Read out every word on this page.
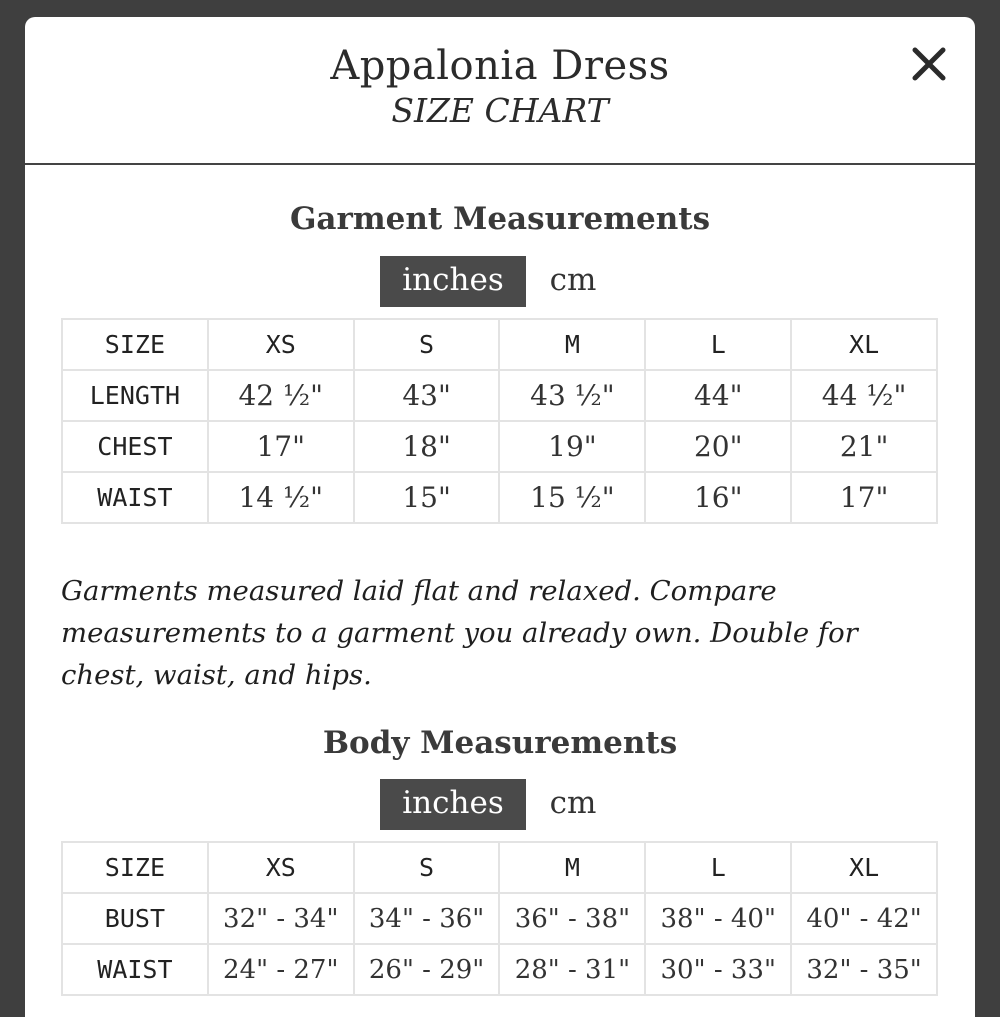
Appalonia Dress
SIZE CHART
Garment Measurements
inches	cm
SIZE	XS	S	M	L	XL
LENGTH	42 ½"	43"	43 ½"	44"	44 ½"
CHEST	17"	18"	19"	20"	21"
WAIST	14 ½"	15"	15 ½"	16"	17"
Garments measured laid flat and relaxed. Compare measurements to a garment you already own. Double for chest, waist, and hips.
Body Measurements
inches	cm
SIZE	XS	S	M	L	XL
BUST	32" - 34"	34" - 36"	36" - 38"	38" - 40"	40" - 42"
WAIST	24" - 27"	26" - 29"	28" - 31"	30" - 33"	32" - 35"
